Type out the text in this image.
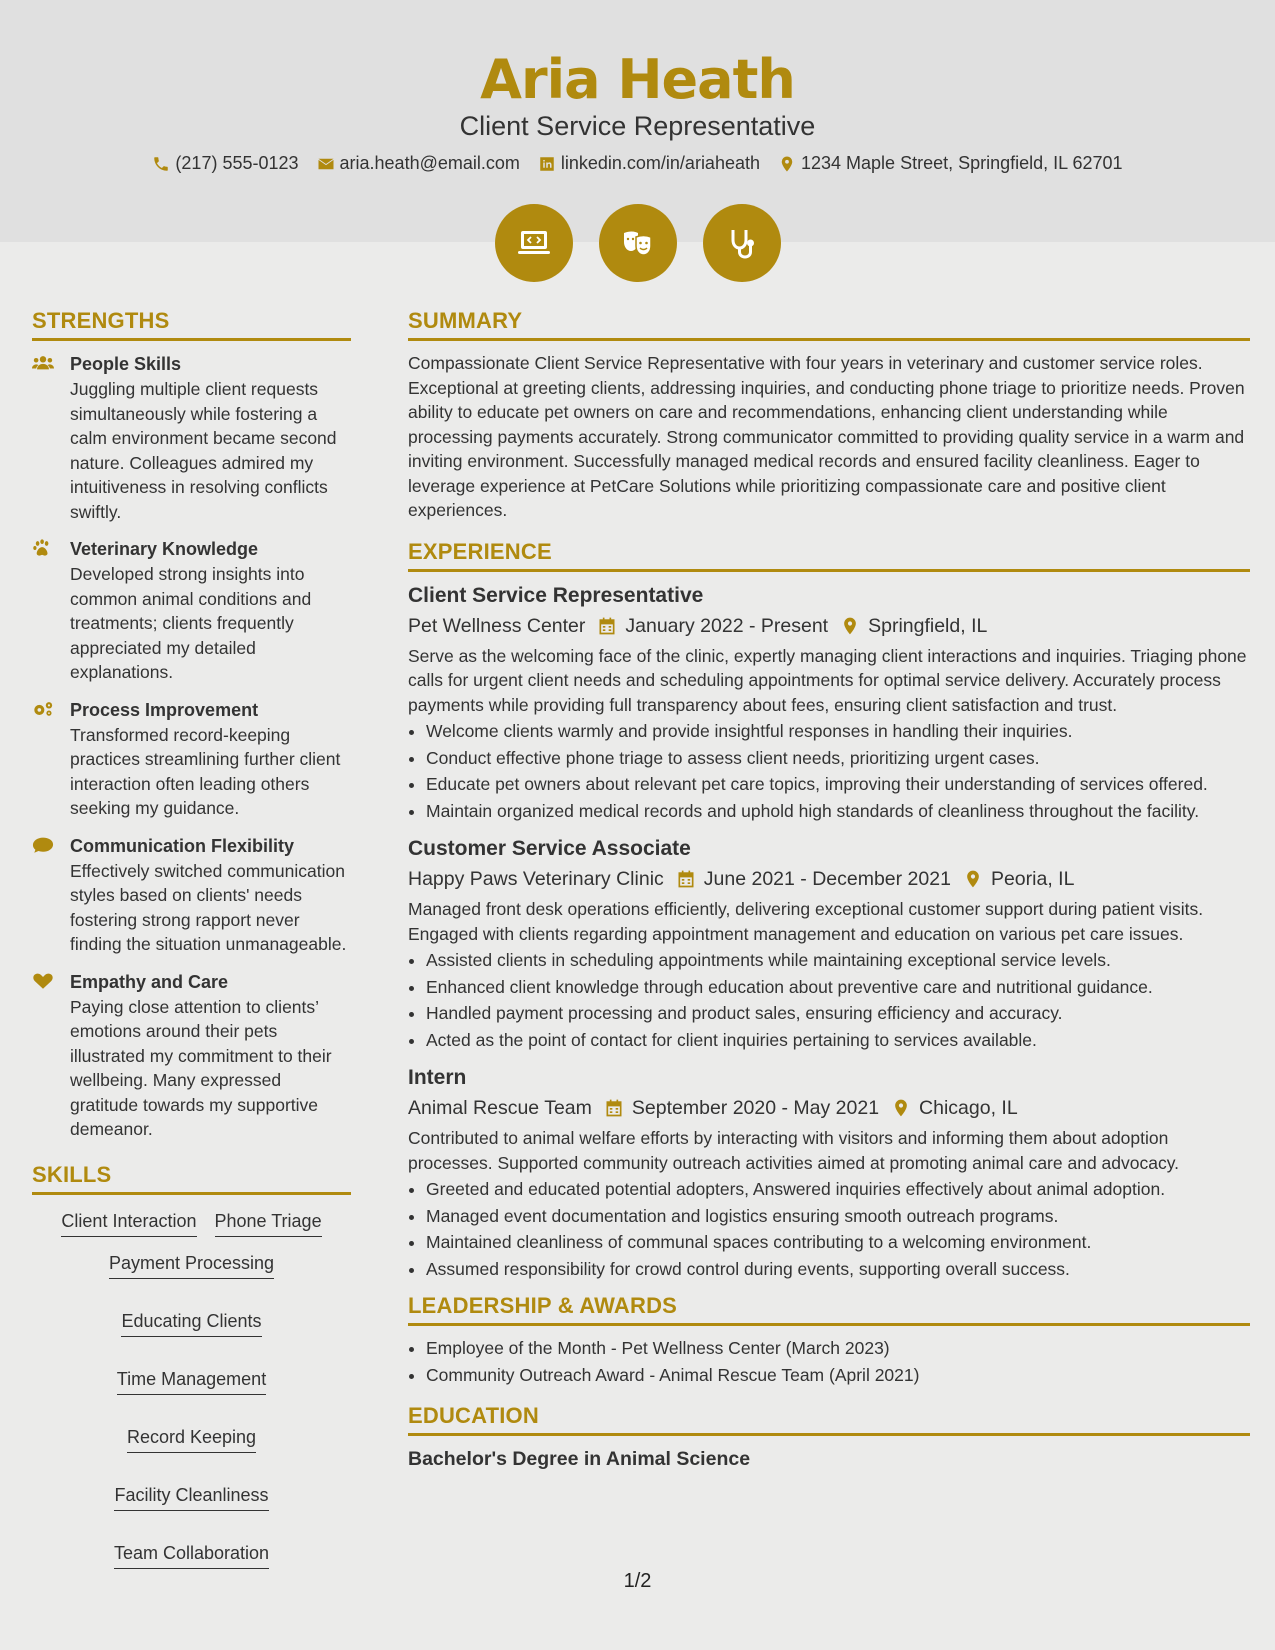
Aria Heath
Client Service Representative
(217) 555-0123 aria.heath@email.com linkedin.com/in/ariaheath 1234 Maple Street, Springfield, IL 62701
STRENGTHS
People Skills
Juggling multiple client requests simultaneously while fostering a calm environment became second nature. Colleagues admired my intuitiveness in resolving conflicts swiftly.
Veterinary Knowledge
Developed strong insights into common animal conditions and treatments; clients frequently appreciated my detailed explanations.
Process Improvement
Transformed record-keeping practices streamlining further client interaction often leading others seeking my guidance.
Communication Flexibility
Effectively switched communication styles based on clients' needs fostering strong rapport never finding the situation unmanageable.
Empathy and Care
Paying close attention to clients’ emotions around their pets illustrated my commitment to their wellbeing. Many expressed gratitude towards my supportive demeanor.
SKILLS
Client Interaction Phone Triage
Payment Processing
Educating Clients
Time Management
Record Keeping
Facility Cleanliness
Team Collaboration
SUMMARY
Compassionate Client Service Representative with four years in veterinary and customer service roles. Exceptional at greeting clients, addressing inquiries, and conducting phone triage to prioritize needs. Proven ability to educate pet owners on care and recommendations, enhancing client understanding while processing payments accurately. Strong communicator committed to providing quality service in a warm and inviting environment. Successfully managed medical records and ensured facility cleanliness. Eager to leverage experience at PetCare Solutions while prioritizing compassionate care and positive client experiences.
EXPERIENCE
Client Service Representative
Pet Wellness Center January 2022 - Present Springfield, IL
Serve as the welcoming face of the clinic, expertly managing client interactions and inquiries. Triaging phone calls for urgent client needs and scheduling appointments for optimal service delivery. Accurately process payments while providing full transparency about fees, ensuring client satisfaction and trust.
• Welcome clients warmly and provide insightful responses in handling their inquiries.
• Conduct effective phone triage to assess client needs, prioritizing urgent cases.
• Educate pet owners about relevant pet care topics, improving their understanding of services offered.
• Maintain organized medical records and uphold high standards of cleanliness throughout the facility.
Customer Service Associate
Happy Paws Veterinary Clinic June 2021 - December 2021 Peoria, IL
Managed front desk operations efficiently, delivering exceptional customer support during patient visits. Engaged with clients regarding appointment management and education on various pet care issues.
• Assisted clients in scheduling appointments while maintaining exceptional service levels.
• Enhanced client knowledge through education about preventive care and nutritional guidance.
• Handled payment processing and product sales, ensuring efficiency and accuracy.
• Acted as the point of contact for client inquiries pertaining to services available.
Intern
Animal Rescue Team September 2020 - May 2021 Chicago, IL
Contributed to animal welfare efforts by interacting with visitors and informing them about adoption processes. Supported community outreach activities aimed at promoting animal care and advocacy.
• Greeted and educated potential adopters, Answered inquiries effectively about animal adoption.
• Managed event documentation and logistics ensuring smooth outreach programs.
• Maintained cleanliness of communal spaces contributing to a welcoming environment.
• Assumed responsibility for crowd control during events, supporting overall success.
LEADERSHIP & AWARDS
• Employee of the Month - Pet Wellness Center (March 2023)
• Community Outreach Award - Animal Rescue Team (April 2021)
EDUCATION
Bachelor's Degree in Animal Science
1/2
